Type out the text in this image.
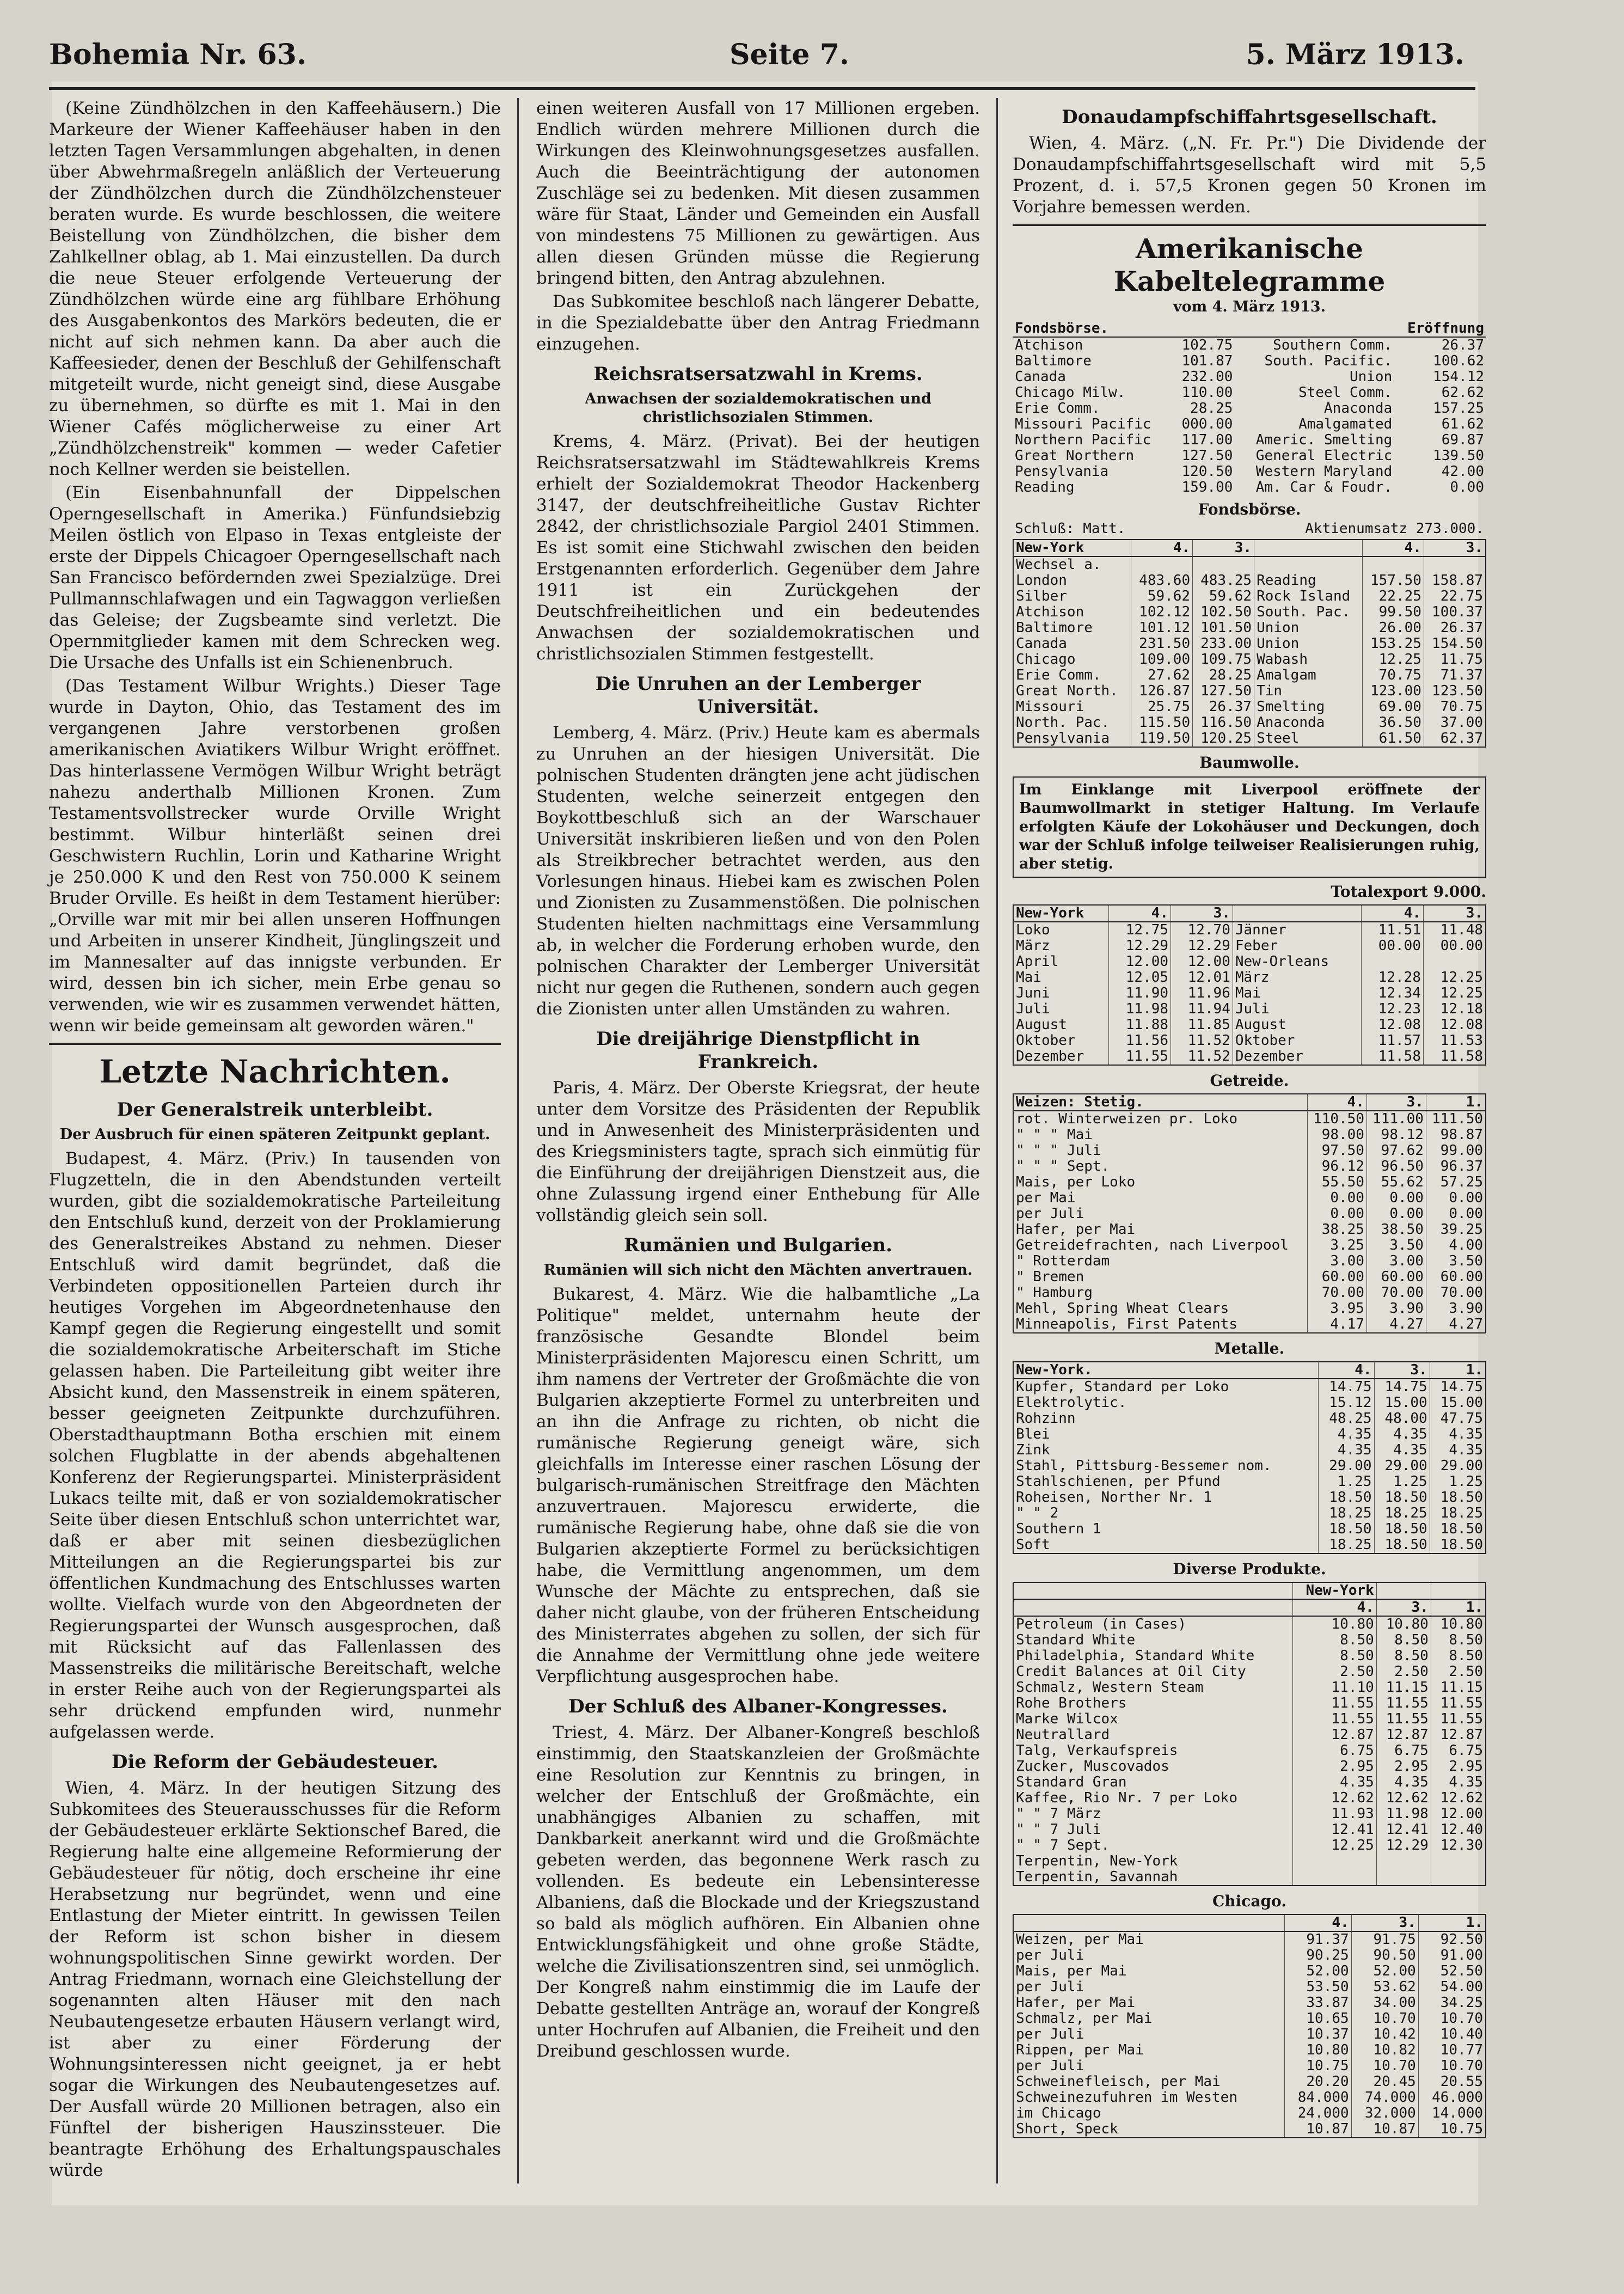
Bohemia Nr. 63.	Seite 7.	5. März 1913.

(Keine Zündhölzchen in den Kaffeehäusern.) Die Markeure der Wiener Kaffeehäuser haben in den letzten Tagen Versammlungen abgehalten, in denen über Abwehrmaßregeln anläßlich der Verteuerung der Zündhölzchen durch die Zündhölzchensteuer beraten wurde. Es wurde beschlossen, die weitere Beistellung von Zündhölzchen, die bisher dem Zahlkellner oblag, ab 1. Mai einzustellen. Da durch die neue Steuer erfolgende Verteuerung der Zündhölzchen würde eine arg fühlbare Erhöhung des Ausgabenkontos des Markörs bedeuten, die er nicht auf sich nehmen kann. Da aber auch die Kaffeesieder, denen der Beschluß der Gehilfenschaft mitgeteilt wurde, nicht geneigt sind, diese Ausgabe zu übernehmen, so dürfte es mit 1. Mai in den Wiener Cafés möglicherweise zu einer Art „Zündhölzchenstreik" kommen — weder Cafetier noch Kellner werden sie beistellen.

(Ein Eisenbahnunfall der Dippelschen Operngesellschaft in Amerika.) Fünfundsiebzig Meilen östlich von Elpaso in Texas entgleiste der erste der Dippels Chicagoer Operngesellschaft nach San Francisco befördernden zwei Spezialzüge. Drei Pullmannschlafwagen und ein Tagwaggon verließen das Geleise; der Zugsbeamte sind verletzt. Die Opernmitglieder kamen mit dem Schrecken weg. Die Ursache des Unfalls ist ein Schienenbruch.

(Das Testament Wilbur Wrights.) Dieser Tage wurde in Dayton, Ohio, das Testament des im vergangenen Jahre verstorbenen großen amerikanischen Aviatikers Wilbur Wright eröffnet. Das hinterlassene Vermögen Wilbur Wright beträgt nahezu anderthalb Millionen Kronen. Zum Testamentsvollstrecker wurde Orville Wright bestimmt. Wilbur hinterläßt seinen drei Geschwistern Ruchlin, Lorin und Katharine Wright je 250.000 K und den Rest von 750.000 K seinem Bruder Orville. Es heißt in dem Testament hierüber: „Orville war mit mir bei allen unseren Hoffnungen und Arbeiten in unserer Kindheit, Jünglingszeit und im Mannesalter auf das innigste verbunden. Er wird, dessen bin ich sicher, mein Erbe genau so verwenden, wie wir es zusammen verwendet hätten, wenn wir beide gemeinsam alt geworden wären."

Letzte Nachrichten.
Der Generalstreik unterbleibt.
Der Ausbruch für einen späteren Zeitpunkt geplant.

Budapest, 4. März. (Priv.) In tausenden von Flugzetteln, die in den Abendstunden verteilt wurden, gibt die sozialdemokratische Parteileitung den Entschluß kund, derzeit von der Proklamierung des Generalstreikes Abstand zu nehmen. Dieser Entschluß wird damit begründet, daß die Verbindeten oppositionellen Parteien durch ihr heutiges Vorgehen im Abgeordnetenhause den Kampf gegen die Regierung eingestellt und somit die sozialdemokratische Arbeiterschaft im Stiche gelassen haben. Die Parteileitung gibt weiter ihre Absicht kund, den Massenstreik in einem späteren, besser geeigneten Zeitpunkte durchzuführen. Oberstadthauptmann Botha erschien mit einem solchen Flugblatte in der abends abgehaltenen Konferenz der Regierungspartei. Ministerpräsident Lukacs teilte mit, daß er von sozialdemokratischer Seite über diesen Entschluß schon unterrichtet war, daß er aber mit seinen diesbezüglichen Mitteilungen an die Regierungspartei bis zur öffentlichen Kundmachung des Entschlusses warten wollte. Vielfach wurde von den Abgeordneten der Regierungspartei der Wunsch ausgesprochen, daß mit Rücksicht auf das Fallenlassen des Massenstreiks die militärische Bereitschaft, welche in erster Reihe auch von der Regierungspartei als sehr drückend empfunden wird, nunmehr aufgelassen werde.

Die Reform der Gebäudesteuer.

Wien, 4. März. In der heutigen Sitzung des Subkomitees des Steuerausschusses für die Reform der Gebäudesteuer erklärte Sektionschef Bared, die Regierung halte eine allgemeine Reformierung der Gebäudesteuer für nötig, doch erscheine ihr eine Herabsetzung nur begründet, wenn und eine Entlastung der Mieter eintritt. In gewissen Teilen der Reform ist schon bisher in diesem wohnungspolitischen Sinne gewirkt worden. Der Antrag Friedmann, wornach eine Gleichstellung der sogenannten alten Häuser mit den nach Neubautengesetze erbauten Häusern verlangt wird, ist aber zu einer Förderung der Wohnungsinteressen nicht geeignet, ja er hebt sogar die Wirkungen des Neubautengesetzes auf. Der Ausfall würde 20 Millionen betragen, also ein Fünftel der bisherigen Hauszinssteuer. Die beantragte Erhöhung des Erhaltungspauschales würde

einen weiteren Ausfall von 17 Millionen ergeben. Endlich würden mehrere Millionen durch die Wirkungen des Kleinwohnungsgesetzes ausfallen. Auch die Beeinträchtigung der autonomen Zuschläge sei zu bedenken. Mit diesen zusammen wäre für Staat, Länder und Gemeinden ein Ausfall von mindestens 75 Millionen zu gewärtigen. Aus allen diesen Gründen müsse die Regierung bringend bitten, den Antrag abzulehnen.

Das Subkomitee beschloß nach längerer Debatte, in die Spezialdebatte über den Antrag Friedmann einzugehen.

Reichsratsersatzwahl in Krems.
Anwachsen der sozialdemokratischen und christlichsozialen Stimmen.

Krems, 4. März. (Privat). Bei der heutigen Reichsratsersatzwahl im Städtewahlkreis Krems erhielt der Sozialdemokrat Theodor Hackenberg 3147, der deutschfreiheitliche Gustav Richter 2842, der christlichsoziale Pargiol 2401 Stimmen. Es ist somit eine Stichwahl zwischen den beiden Erstgenannten erforderlich. Gegenüber dem Jahre 1911 ist ein Zurückgehen der Deutschfreiheitlichen und ein bedeutendes Anwachsen der sozialdemokratischen und christlichsozialen Stimmen festgestellt.

Die Unruhen an der Lemberger Universität.

Lemberg, 4. März. (Priv.) Heute kam es abermals zu Unruhen an der hiesigen Universität. Die polnischen Studenten drängten jene acht jüdischen Studenten, welche seinerzeit entgegen den Boykottbeschluß sich an der Warschauer Universität inskribieren ließen und von den Polen als Streikbrecher betrachtet werden, aus den Vorlesungen hinaus. Hiebei kam es zwischen Polen und Zionisten zu Zusammenstößen. Die polnischen Studenten hielten nachmittags eine Versammlung ab, in welcher die Forderung erhoben wurde, den polnischen Charakter der Lemberger Universität nicht nur gegen die Ruthenen, sondern auch gegen die Zionisten unter allen Umständen zu wahren.

Die dreijährige Dienstpflicht in Frankreich.

Paris, 4. März. Der Oberste Kriegsrat, der heute unter dem Vorsitze des Präsidenten der Republik und in Anwesenheit des Ministerpräsidenten und des Kriegsministers tagte, sprach sich einmütig für die Einführung der dreijährigen Dienstzeit aus, die ohne Zulassung irgend einer Enthebung für Alle vollständig gleich sein soll.

Rumänien und Bulgarien.
Rumänien will sich nicht den Mächten anvertrauen.

Bukarest, 4. März. Wie die halbamtliche „La Politique" meldet, unternahm heute der französische Gesandte Blondel beim Ministerpräsidenten Majorescu einen Schritt, um ihm namens der Vertreter der Großmächte die von Bulgarien akzeptierte Formel zu unterbreiten und an ihn die Anfrage zu richten, ob nicht die rumänische Regierung geneigt wäre, sich gleichfalls im Interesse einer raschen Lösung der bulgarisch-rumänischen Streitfrage den Mächten anzuvertrauen. Majorescu erwiderte, die rumänische Regierung habe, ohne daß sie die von Bulgarien akzeptierte Formel zu berücksichtigen habe, die Vermittlung angenommen, um dem Wunsche der Mächte zu entsprechen, daß sie daher nicht glaube, von der früheren Entscheidung des Ministerrates abgehen zu sollen, der sich für die Annahme der Vermittlung ohne jede weitere Verpflichtung ausgesprochen habe.

Der Schluß des Albaner-Kongresses.

Triest, 4. März. Der Albaner-Kongreß beschloß einstimmig, den Staatskanzleien der Großmächte eine Resolution zur Kenntnis zu bringen, in welcher der Entschluß der Großmächte, ein unabhängiges Albanien zu schaffen, mit Dankbarkeit anerkannt wird und die Großmächte gebeten werden, das begonnene Werk rasch zu vollenden. Es bedeute ein Lebensinteresse Albaniens, daß die Blockade und der Kriegszustand so bald als möglich aufhören. Ein Albanien ohne Entwicklungsfähigkeit und ohne große Städte, welche die Zivilisationszentren sind, sei unmöglich. Der Kongreß nahm einstimmig die im Laufe der Debatte gestellten Anträge an, worauf der Kongreß unter Hochrufen auf Albanien, die Freiheit und den Dreibund geschlossen wurde.

Donaudampfschiffahrtsgesellschaft.

Wien, 4. März. („N. Fr. Pr.") Die Dividende der Donaudampfschiffahrtsgesellschaft wird mit 5,5 Prozent, d. i. 57,5 Kronen gegen 50 Kronen im Vorjahre bemessen werden.

Amerikanische Kabeltelegramme
vom 4. März 1913.
Fondsbörse.			Eröffnung
Atchison	102.75	Southern Comm.	26.37
Baltimore	101.87	South. Pacific.	100.62
Canada	232.00	Union	154.12
Chicago Milw.	110.00	Steel Comm.	62.62
Erie Comm.	28.25	Anaconda	157.25
Missouri Pacific	000.00	Amalgamated	61.62
Northern Pacific	117.00	Americ. Smelting	69.87
Great Northern	127.50	General Electric	139.50
Pensylvania	120.50	Western Maryland	42.00
Reading	159.00	Am. Car & Foudr.	0.00
Fondsbörse.
Schluß: Matt.	Aktienumsatz 273.000.
New-York	4.	3.		4.	3.
Wechsel a.					
London	483.60	483.25	Reading	157.50	158.87
Silber	59.62	59.62	Rock Island	22.25	22.75
Atchison	102.12	102.50	South. Pac.	99.50	100.37
Baltimore	101.12	101.50	Union	26.00	26.37
Canada	231.50	233.00	Union	153.25	154.50
Chicago	109.00	109.75	Wabash	12.25	11.75
Erie Comm.	27.62	28.25	Amalgam	70.75	71.37
Great North.	126.87	127.50	Tin	123.00	123.50
Missouri	25.75	26.37	Smelting	69.00	70.75
North. Pac.	115.50	116.50	Anaconda	36.50	37.00
Pensylvania	119.50	120.25	Steel	61.50	62.37
Baumwolle.
Im Einklange mit Liverpool eröffnete der Baumwollmarkt in stetiger Haltung. Im Verlaufe erfolgten Käufe der Lokohäuser und Deckungen, doch war der Schluß infolge teilweiser Realisierungen ruhig, aber stetig.
Totalexport 9.000.
New-York	4.	3.		4.	3.
Loko	12.75	12.70	Jänner	11.51	11.48
März	12.29	12.29	Feber	00.00	00.00
April	12.00	12.00	New-Orleans		
Mai	12.05	12.01	März	12.28	12.25
Juni	11.90	11.96	Mai	12.34	12.25
Juli	11.98	11.94	Juli	12.23	12.18
August	11.88	11.85	August	12.08	12.08
Oktober	11.56	11.52	Oktober	11.57	11.53
Dezember	11.55	11.52	Dezember	11.58	11.58
Getreide.
Weizen: Stetig.	4.	3.	1.
rot. Winterweizen pr. Loko	110.50	111.00	111.50
" " " Mai	98.00	98.12	98.87
" " " Juli	97.50	97.62	99.00
" " " Sept.	96.12	96.50	96.37
Mais, per Loko	55.50	55.62	57.25
per Mai	0.00	0.00	0.00
per Juli	0.00	0.00	0.00
Hafer, per Mai	38.25	38.50	39.25
Getreidefrachten, nach Liverpool	3.25	3.50	4.00
" Rotterdam	3.00	3.00	3.50
" Bremen	60.00	60.00	60.00
" Hamburg	70.00	70.00	70.00
Mehl, Spring Wheat Clears	3.95	3.90	3.90
Minneapolis, First Patents	4.17	4.27	4.27
Metalle.
New-York.	4.	3.	1.
Kupfer, Standard per Loko	14.75	14.75	14.75
Elektrolytic.	15.12	15.00	15.00
Rohzinn	48.25	48.00	47.75
Blei	4.35	4.35	4.35
Zink	4.35	4.35	4.35
Stahl, Pittsburg-Bessemer nom.	29.00	29.00	29.00
Stahlschienen, per Pfund	1.25	1.25	1.25
Roheisen, Norther Nr. 1	18.50	18.50	18.50
" " 2	18.25	18.25	18.25
Southern 1	18.50	18.50	18.50
Soft	18.25	18.50	18.50
Diverse Produkte.
	New-York		
	4.	3.	1.
Petroleum (in Cases)	10.80	10.80	10.80
Standard White	8.50	8.50	8.50
Philadelphia, Standard White	8.50	8.50	8.50
Credit Balances at Oil City	2.50	2.50	2.50
Schmalz, Western Steam	11.10	11.15	11.15
Rohe Brothers	11.55	11.55	11.55
Marke Wilcox	11.55	11.55	11.55
Neutrallard	12.87	12.87	12.87
Talg, Verkaufspreis	6.75	6.75	6.75
Zucker, Muscovados	2.95	2.95	2.95
Standard Gran	4.35	4.35	4.35
Kaffee, Rio Nr. 7 per Loko	12.62	12.62	12.62
" " 7 März	11.93	11.98	12.00
" " 7 Juli	12.41	12.41	12.40
" " 7 Sept.	12.25	12.29	12.30
Terpentin, New-York			
Terpentin, Savannah			
Chicago.
	4.	3.	1.
Weizen, per Mai	91.37	91.75	92.50
per Juli	90.25	90.50	91.00
Mais, per Mai	52.00	52.00	52.50
per Juli	53.50	53.62	54.00
Hafer, per Mai	33.87	34.00	34.25
Schmalz, per Mai	10.65	10.70	10.70
per Juli	10.37	10.42	10.40
Rippen, per Mai	10.80	10.82	10.77
per Juli	10.75	10.70	10.70
Schweinefleisch, per Mai	20.20	20.45	20.55
Schweinezufuhren im Westen	84.000	74.000	46.000
im Chicago	24.000	32.000	14.000
Short, Speck	10.87	10.87	10.75
